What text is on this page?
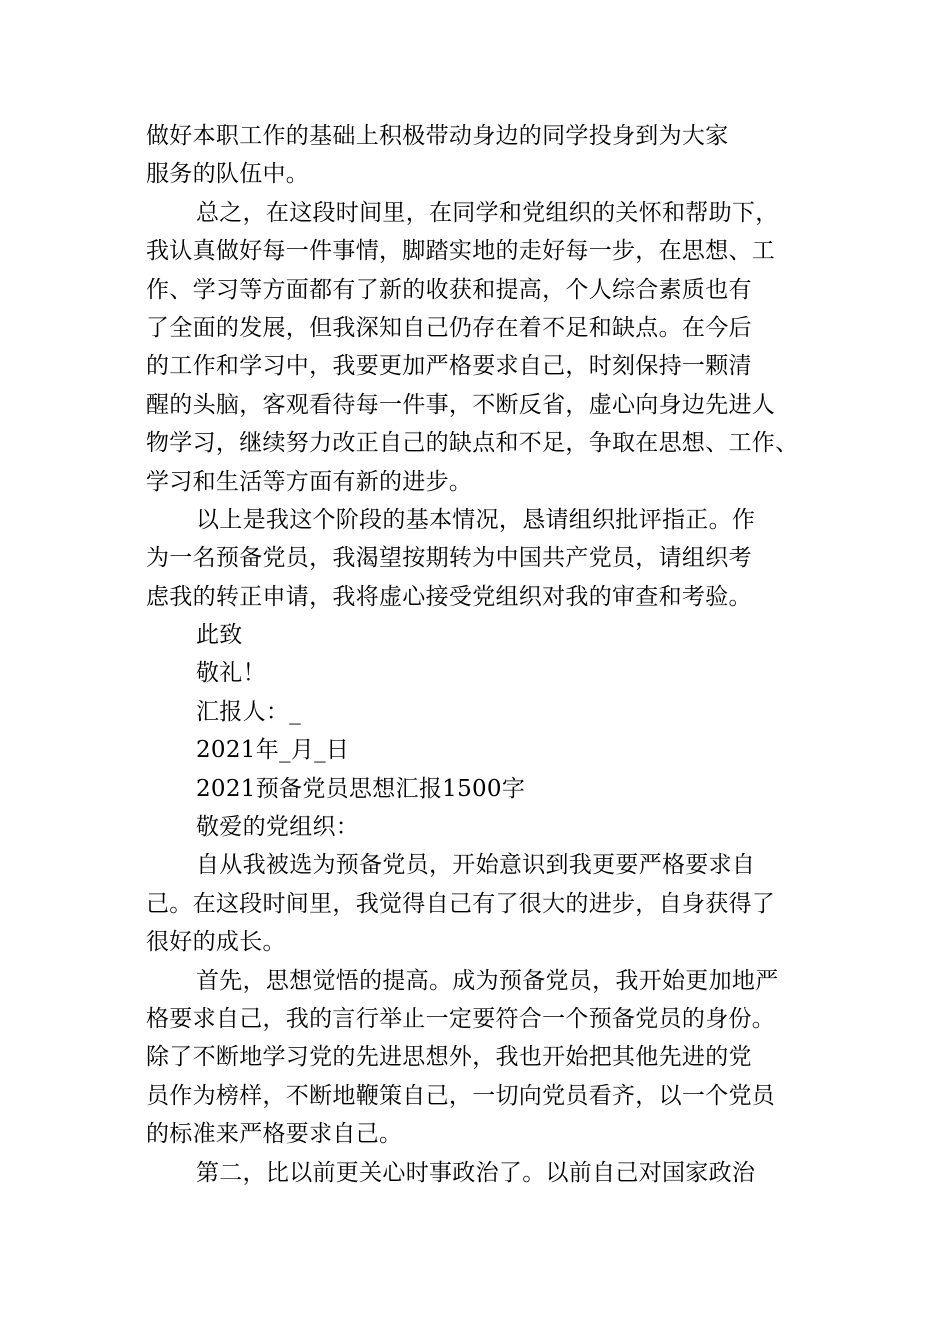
做好本职工作的基础上积极带动身边的同学投身到为大家
服务的队伍中。
总之，在这段时间里，在同学和党组织的关怀和帮助下，
我认真做好每一件事情，脚踏实地的走好每一步，在思想、工
作、学习等方面都有了新的收获和提高，个人综合素质也有
了全面的发展，但我深知自己仍存在着不足和缺点。在今后
的工作和学习中，我要更加严格要求自己，时刻保持一颗清
醒的头脑，客观看待每一件事，不断反省，虚心向身边先进人
物学习，继续努力改正自己的缺点和不足，争取在思想、工作、
学习和生活等方面有新的进步。
以上是我这个阶段的基本情况，恳请组织批评指正。作
为一名预备党员，我渴望按期转为中国共产党员，请组织考
虑我的转正申请，我将虚心接受党组织对我的审查和考验。
此致
敬礼！
汇报人：_
2021年_月_日
2021预备党员思想汇报1500字
敬爱的党组织：
自从我被选为预备党员，开始意识到我更要严格要求自
己。在这段时间里，我觉得自己有了很大的进步，自身获得了
很好的成长。
首先，思想觉悟的提高。成为预备党员，我开始更加地严
格要求自己，我的言行举止一定要符合一个预备党员的身份。
除了不断地学习党的先进思想外，我也开始把其他先进的党
员作为榜样，不断地鞭策自己，一切向党员看齐，以一个党员
的标准来严格要求自己。
第二，比以前更关心时事政治了。以前自己对国家政治
